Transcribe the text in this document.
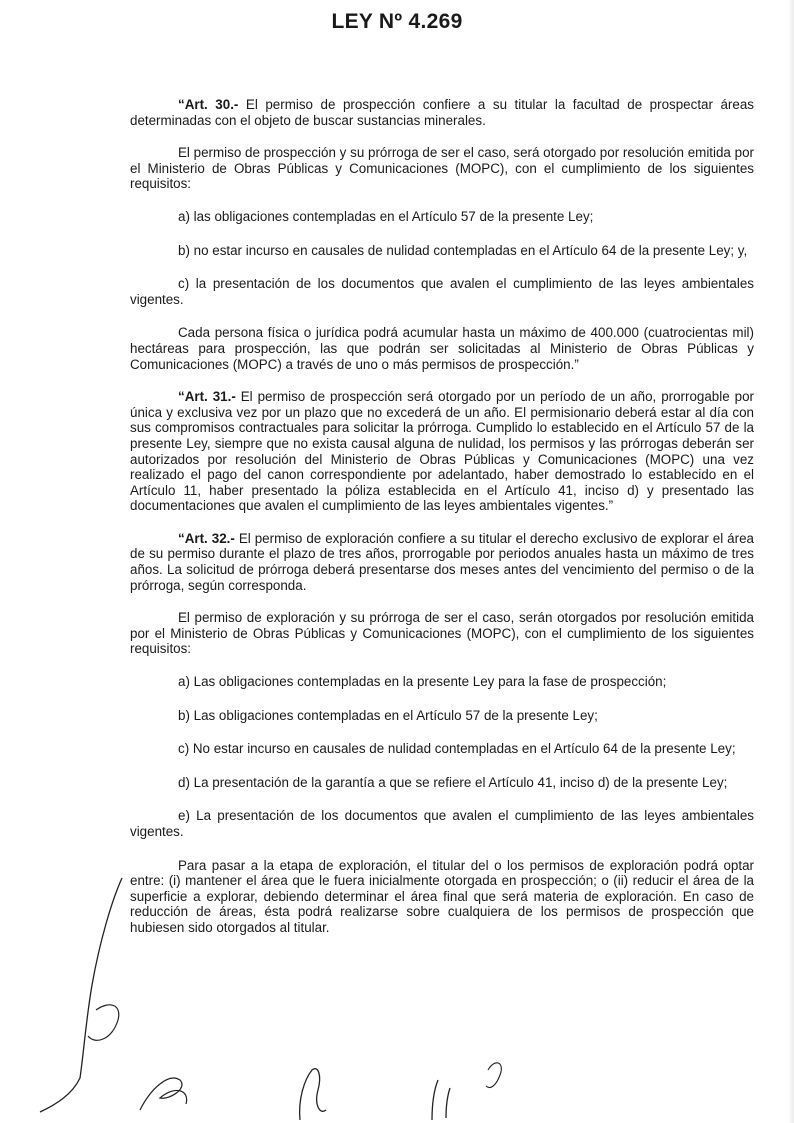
LEY Nº 4.269

“Art. 30.- El permiso de prospección confiere a su titular la facultad de prospectar áreas determinadas con el objeto de buscar sustancias minerales.

El permiso de prospección y su prórroga de ser el caso, será otorgado por resolución emitida por el Ministerio de Obras Públicas y Comunicaciones (MOPC), con el cumplimiento de los siguientes requisitos:

a) las obligaciones contempladas en el Artículo 57 de la presente Ley;

b) no estar incurso en causales de nulidad contempladas en el Artículo 64 de la presente Ley; y,

c) la presentación de los documentos que avalen el cumplimiento de las leyes ambientales vigentes.

Cada persona física o jurídica podrá acumular hasta un máximo de 400.000 (cuatrocientas mil) hectáreas para prospección, las que podrán ser solicitadas al Ministerio de Obras Públicas y Comunicaciones (MOPC) a través de uno o más permisos de prospección.”

“Art. 31.- El permiso de prospección será otorgado por un período de un año, prorrogable por única y exclusiva vez por un plazo que no excederá de un año. El permisionario deberá estar al día con sus compromisos contractuales para solicitar la prórroga. Cumplido lo establecido en el Artículo 57 de la presente Ley, siempre que no exista causal alguna de nulidad, los permisos y las prórrogas deberán ser autorizados por resolución del Ministerio de Obras Públicas y Comunicaciones (MOPC) una vez realizado el pago del canon correspondiente por adelantado, haber demostrado lo establecido en el Artículo 11, haber presentado la póliza establecida en el Artículo 41, inciso d) y presentado las documentaciones que avalen el cumplimiento de las leyes ambientales vigentes.”

“Art. 32.- El permiso de exploración confiere a su titular el derecho exclusivo de explorar el área de su permiso durante el plazo de tres años, prorrogable por periodos anuales hasta un máximo de tres años. La solicitud de prórroga deberá presentarse dos meses antes del vencimiento del permiso o de la prórroga, según corresponda.

El permiso de exploración y su prórroga de ser el caso, serán otorgados por resolución emitida por el Ministerio de Obras Públicas y Comunicaciones (MOPC), con el cumplimiento de los siguientes requisitos:

a) Las obligaciones contempladas en la presente Ley para la fase de prospección;

b) Las obligaciones contempladas en el Artículo 57 de la presente Ley;

c) No estar incurso en causales de nulidad contempladas en el Artículo 64 de la presente Ley;

d) La presentación de la garantía a que se refiere el Artículo 41, inciso d) de la presente Ley;

e) La presentación de los documentos que avalen el cumplimiento de las leyes ambientales vigentes.

Para pasar a la etapa de exploración, el titular del o los permisos de exploración podrá optar entre: (i) mantener el área que le fuera inicialmente otorgada en prospección; o (ii) reducir el área de la superficie a explorar, debiendo determinar el área final que será materia de exploración. En caso de reducción de áreas, ésta podrá realizarse sobre cualquiera de los permisos de prospección que hubiesen sido otorgados al titular.
